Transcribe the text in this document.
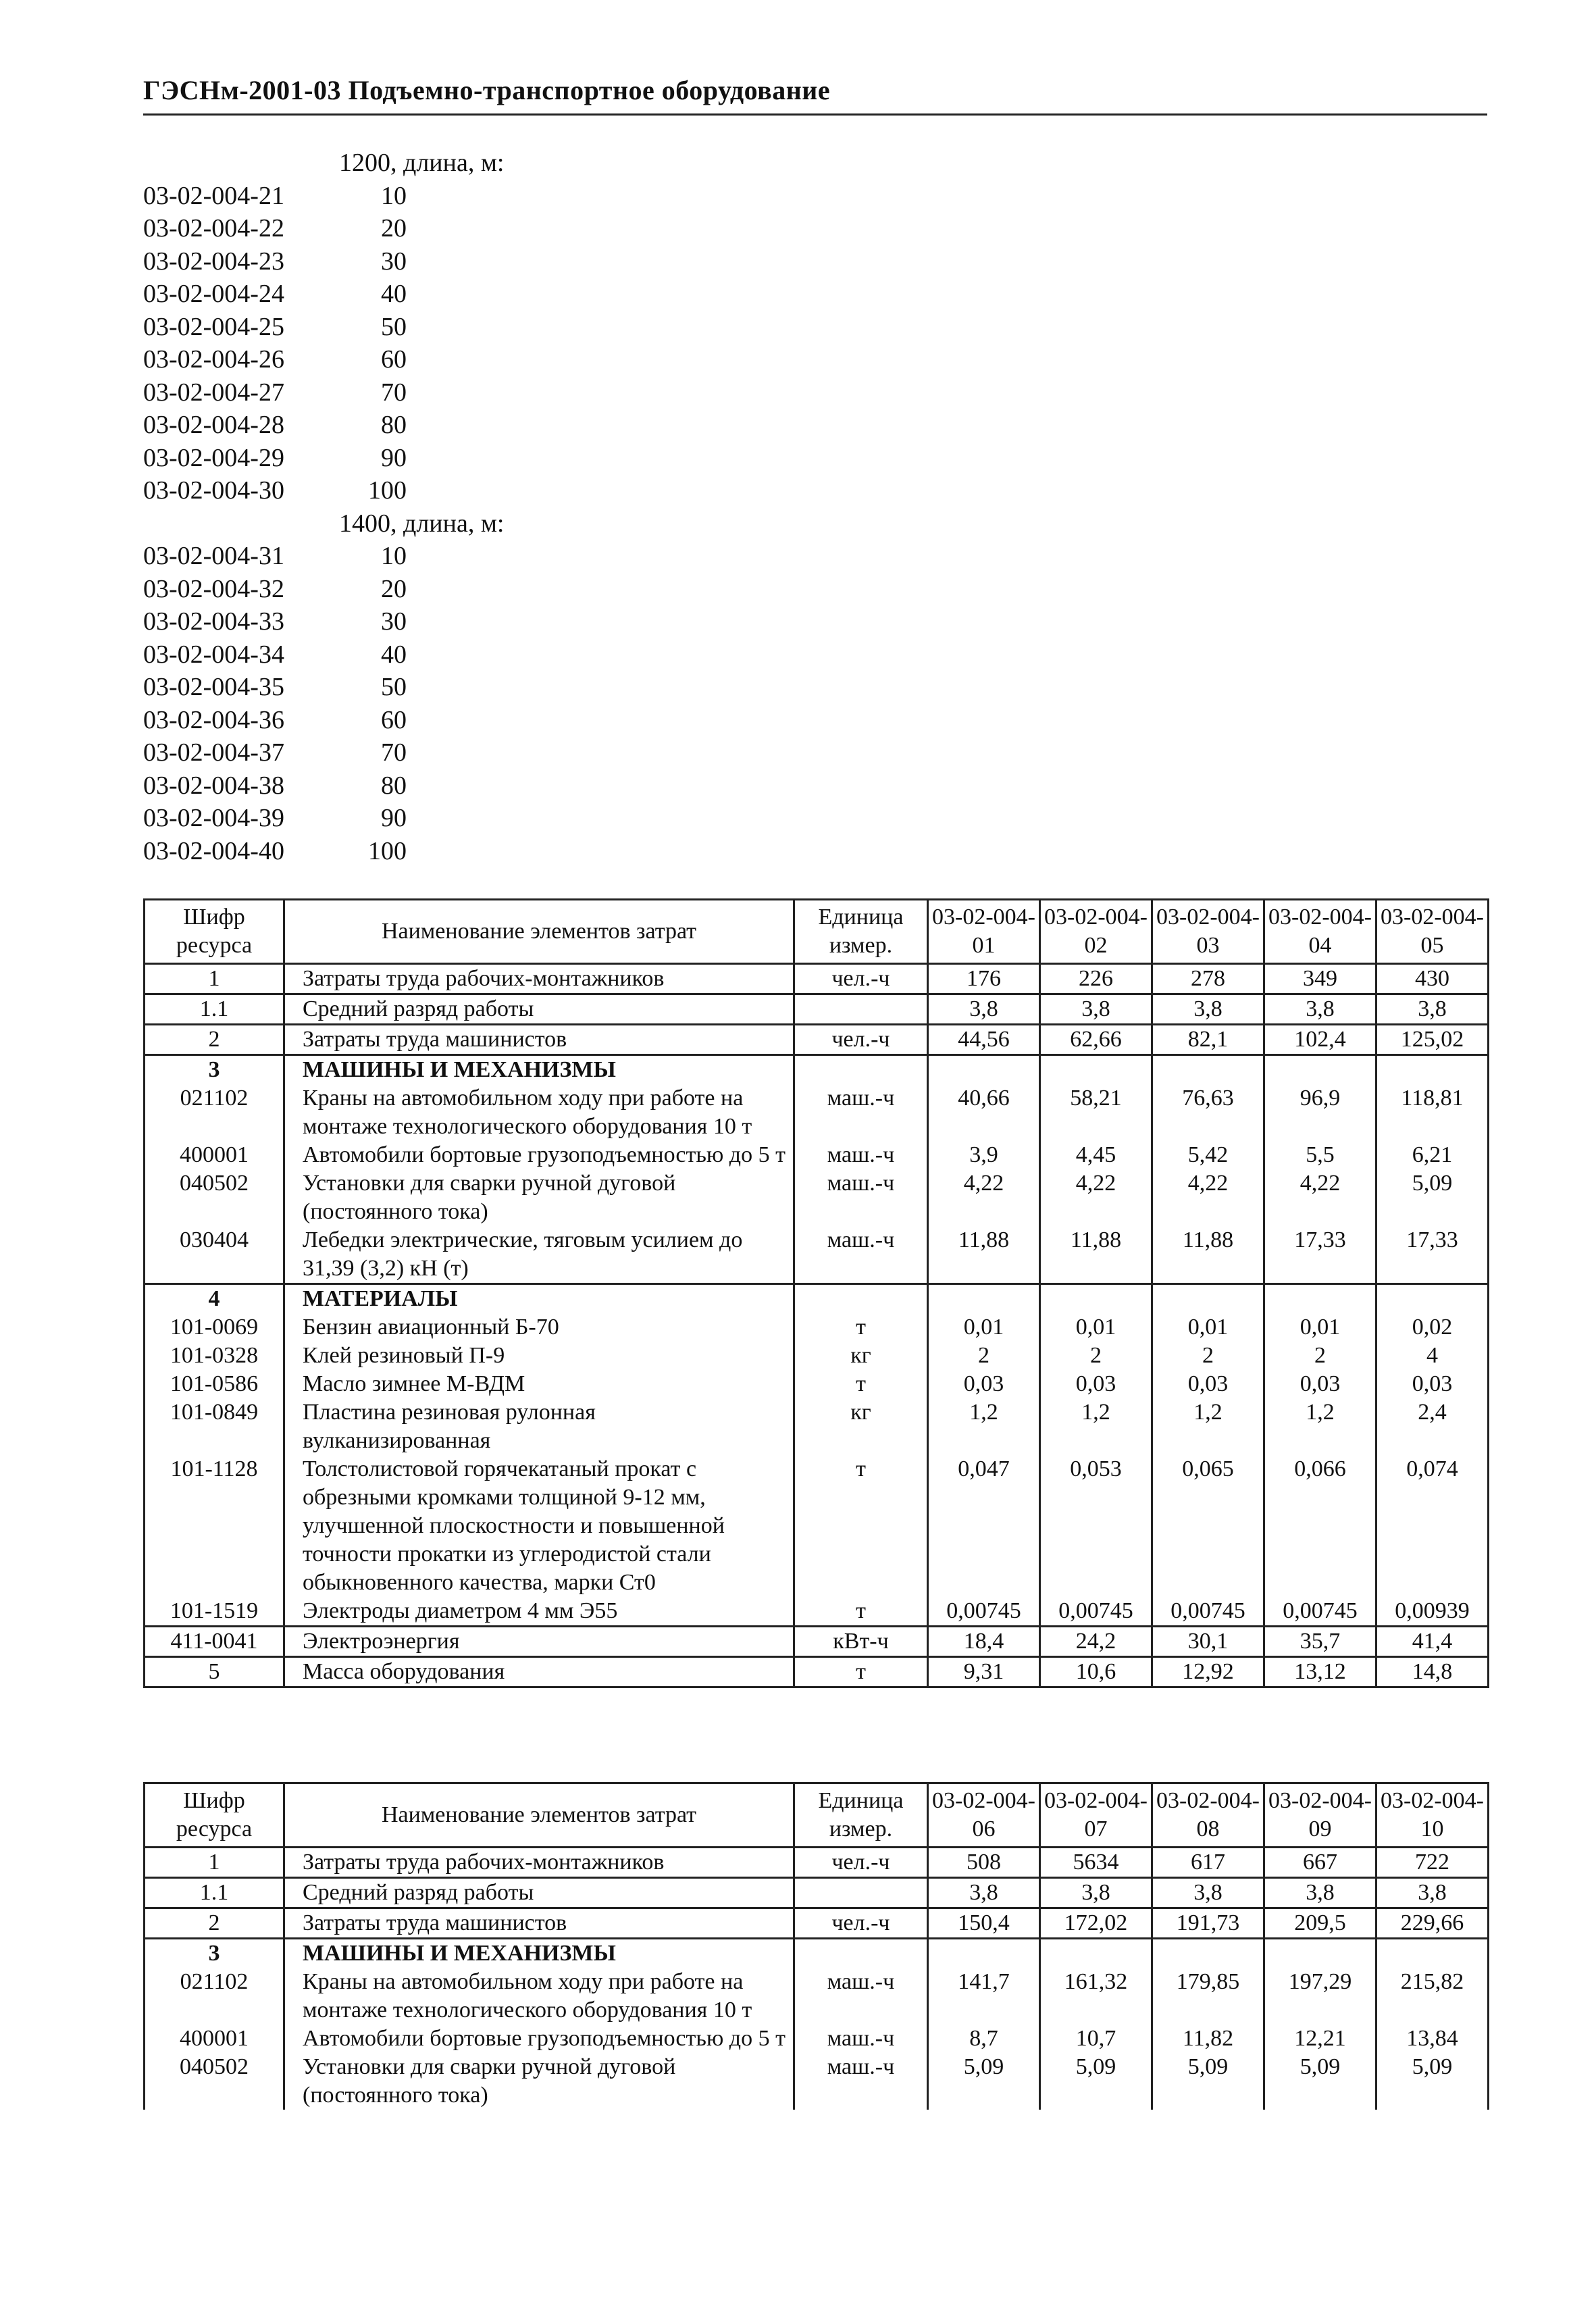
ГЭСНм-2001-03 Подъемно-транспортное оборудование
1200, длина, м:
03-02-004-21	10
03-02-004-22	20
03-02-004-23	30
03-02-004-24	40
03-02-004-25	50
03-02-004-26	60
03-02-004-27	70
03-02-004-28	80
03-02-004-29	90
03-02-004-30	100
1400, длина, м:
03-02-004-31	10
03-02-004-32	20
03-02-004-33	30
03-02-004-34	40
03-02-004-35	50
03-02-004-36	60
03-02-004-37	70
03-02-004-38	80
03-02-004-39	90
03-02-004-40	100
Шифр ресурса	Наименование элементов затрат	Единица измер.	03-02-004-01	03-02-004-02	03-02-004-03	03-02-004-04	03-02-004-05
1	Затраты труда рабочих-монтажников	чел.-ч	176	226	278	349	430
1.1	Средний разряд работы		3,8	3,8	3,8	3,8	3,8
2	Затраты труда машинистов	чел.-ч	44,56	62,66	82,1	102,4	125,02
3	МАШИНЫ И МЕХАНИЗМЫ						
021102	Краны на автомобильном ходу при работе на монтаже технологического оборудования 10 т	маш.-ч	40,66	58,21	76,63	96,9	118,81
400001	Автомобили бортовые грузоподъемностью до 5 т	маш.-ч	3,9	4,45	5,42	5,5	6,21
040502	Установки для сварки ручной дуговой (постоянного тока)	маш.-ч	4,22	4,22	4,22	4,22	5,09
030404	Лебедки электрические, тяговым усилием до 31,39 (3,2) кН (т)	маш.-ч	11,88	11,88	11,88	17,33	17,33
4	МАТЕРИАЛЫ						
101-0069	Бензин авиационный Б-70	т	0,01	0,01	0,01	0,01	0,02
101-0328	Клей резиновый П-9	кг	2	2	2	2	4
101-0586	Масло зимнее М-ВДМ	т	0,03	0,03	0,03	0,03	0,03
101-0849	Пластина резиновая рулонная вулканизированная	кг	1,2	1,2	1,2	1,2	2,4
101-1128	Толстолистовой горячекатаный прокат с обрезными кромками толщиной 9-12 мм, улучшенной плоскостности и повышенной точности прокатки из углеродистой стали обыкновенного качества, марки Ст0	т	0,047	0,053	0,065	0,066	0,074
101-1519	Электроды диаметром 4 мм Э55	т	0,00745	0,00745	0,00745	0,00745	0,00939
411-0041	Электроэнергия	кВт-ч	18,4	24,2	30,1	35,7	41,4
5	Масса оборудования	т	9,31	10,6	12,92	13,12	14,8
Шифр ресурса	Наименование элементов затрат	Единица измер.	03-02-004-06	03-02-004-07	03-02-004-08	03-02-004-09	03-02-004-10
1	Затраты труда рабочих-монтажников	чел.-ч	508	5634	617	667	722
1.1	Средний разряд работы		3,8	3,8	3,8	3,8	3,8
2	Затраты труда машинистов	чел.-ч	150,4	172,02	191,73	209,5	229,66
3	МАШИНЫ И МЕХАНИЗМЫ						
021102	Краны на автомобильном ходу при работе на монтаже технологического оборудования 10 т	маш.-ч	141,7	161,32	179,85	197,29	215,82
400001	Автомобили бортовые грузоподъемностью до 5 т	маш.-ч	8,7	10,7	11,82	12,21	13,84
040502	Установки для сварки ручной дуговой (постоянного тока)	маш.-ч	5,09	5,09	5,09	5,09	5,09
